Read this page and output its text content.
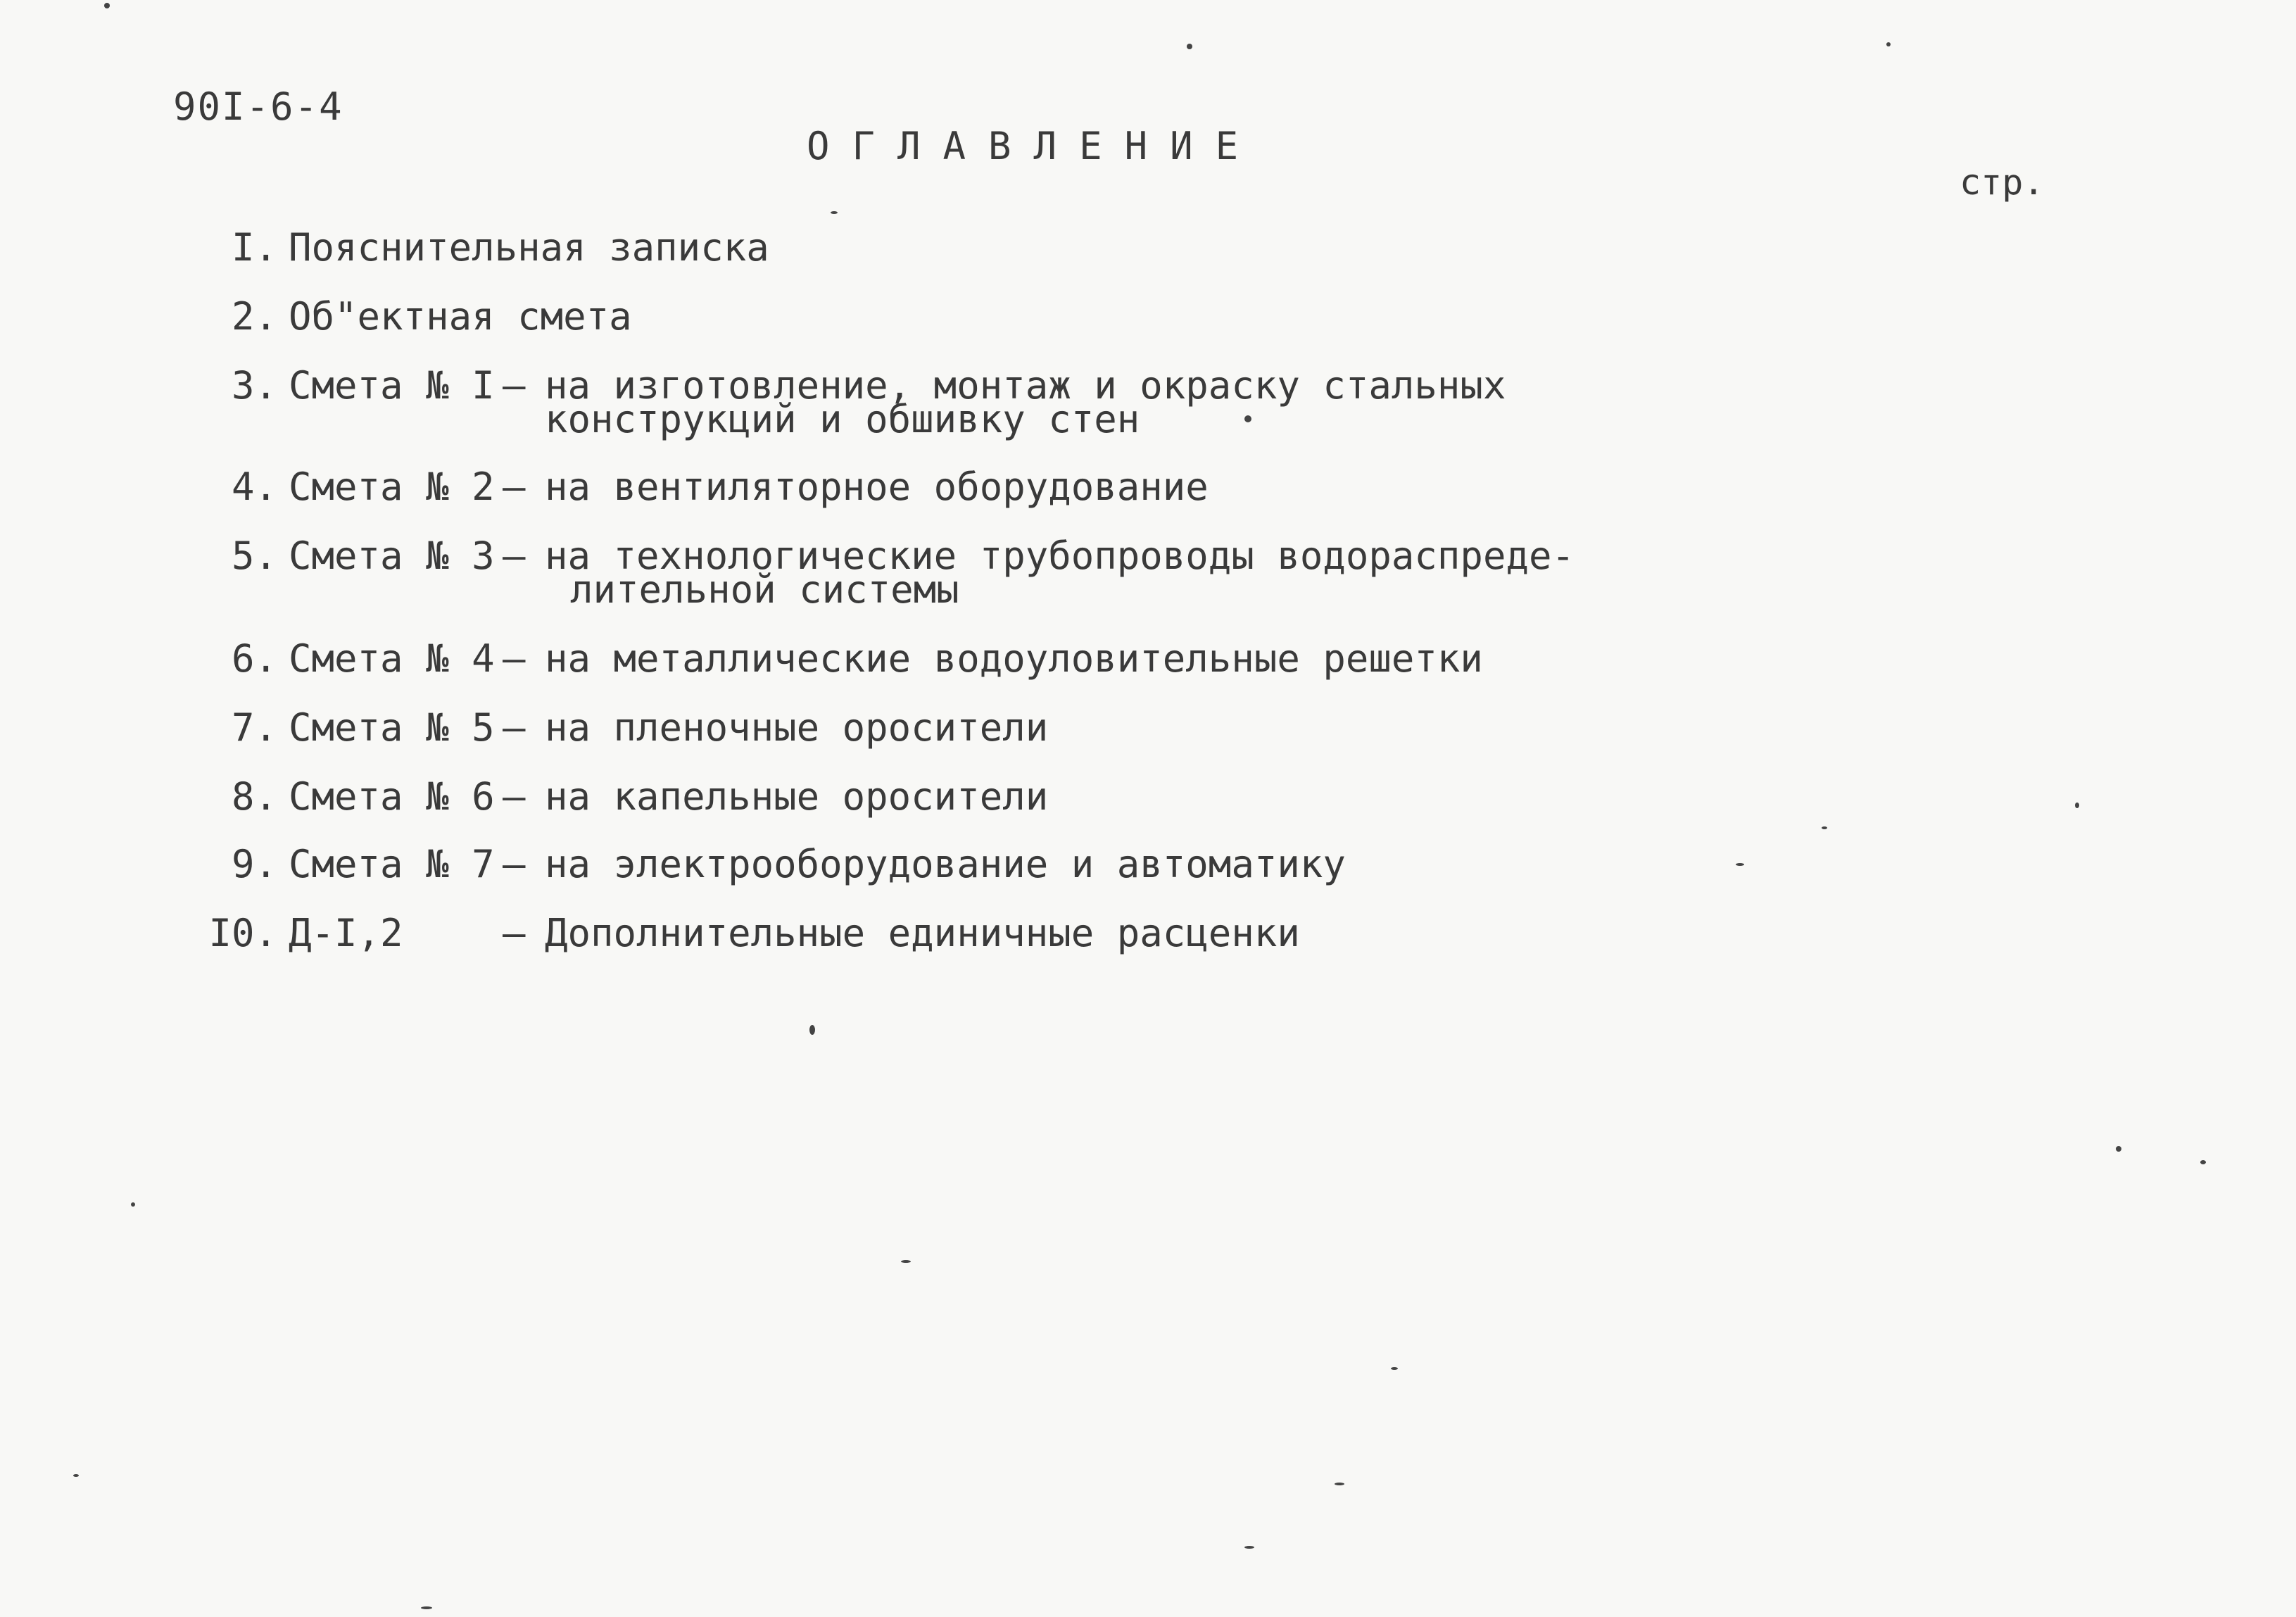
90I-6-4
ОГЛАВЛЕНИЕ
стр.

I.

Пояснительная записка

2.

Об"ектная смета

3.

Смета № I

–

на изготовление, монтаж и окраску стальных

конструкций и обшивку стен

4.

Смета № 2

–

на вентиляторное оборудование

5.

Смета № 3

–

на технологические трубопроводы водораспреде-

лительной системы

6.

Смета № 4

–

на металлические водоуловительные решетки

7.

Смета № 5

–

на пленочные оросители

8.

Смета № 6

–

на капельные оросители

9.

Смета № 7

–

на электрооборудование и автоматику

I0.

Д-I,2

	–

Дополнительные единичные расценки
